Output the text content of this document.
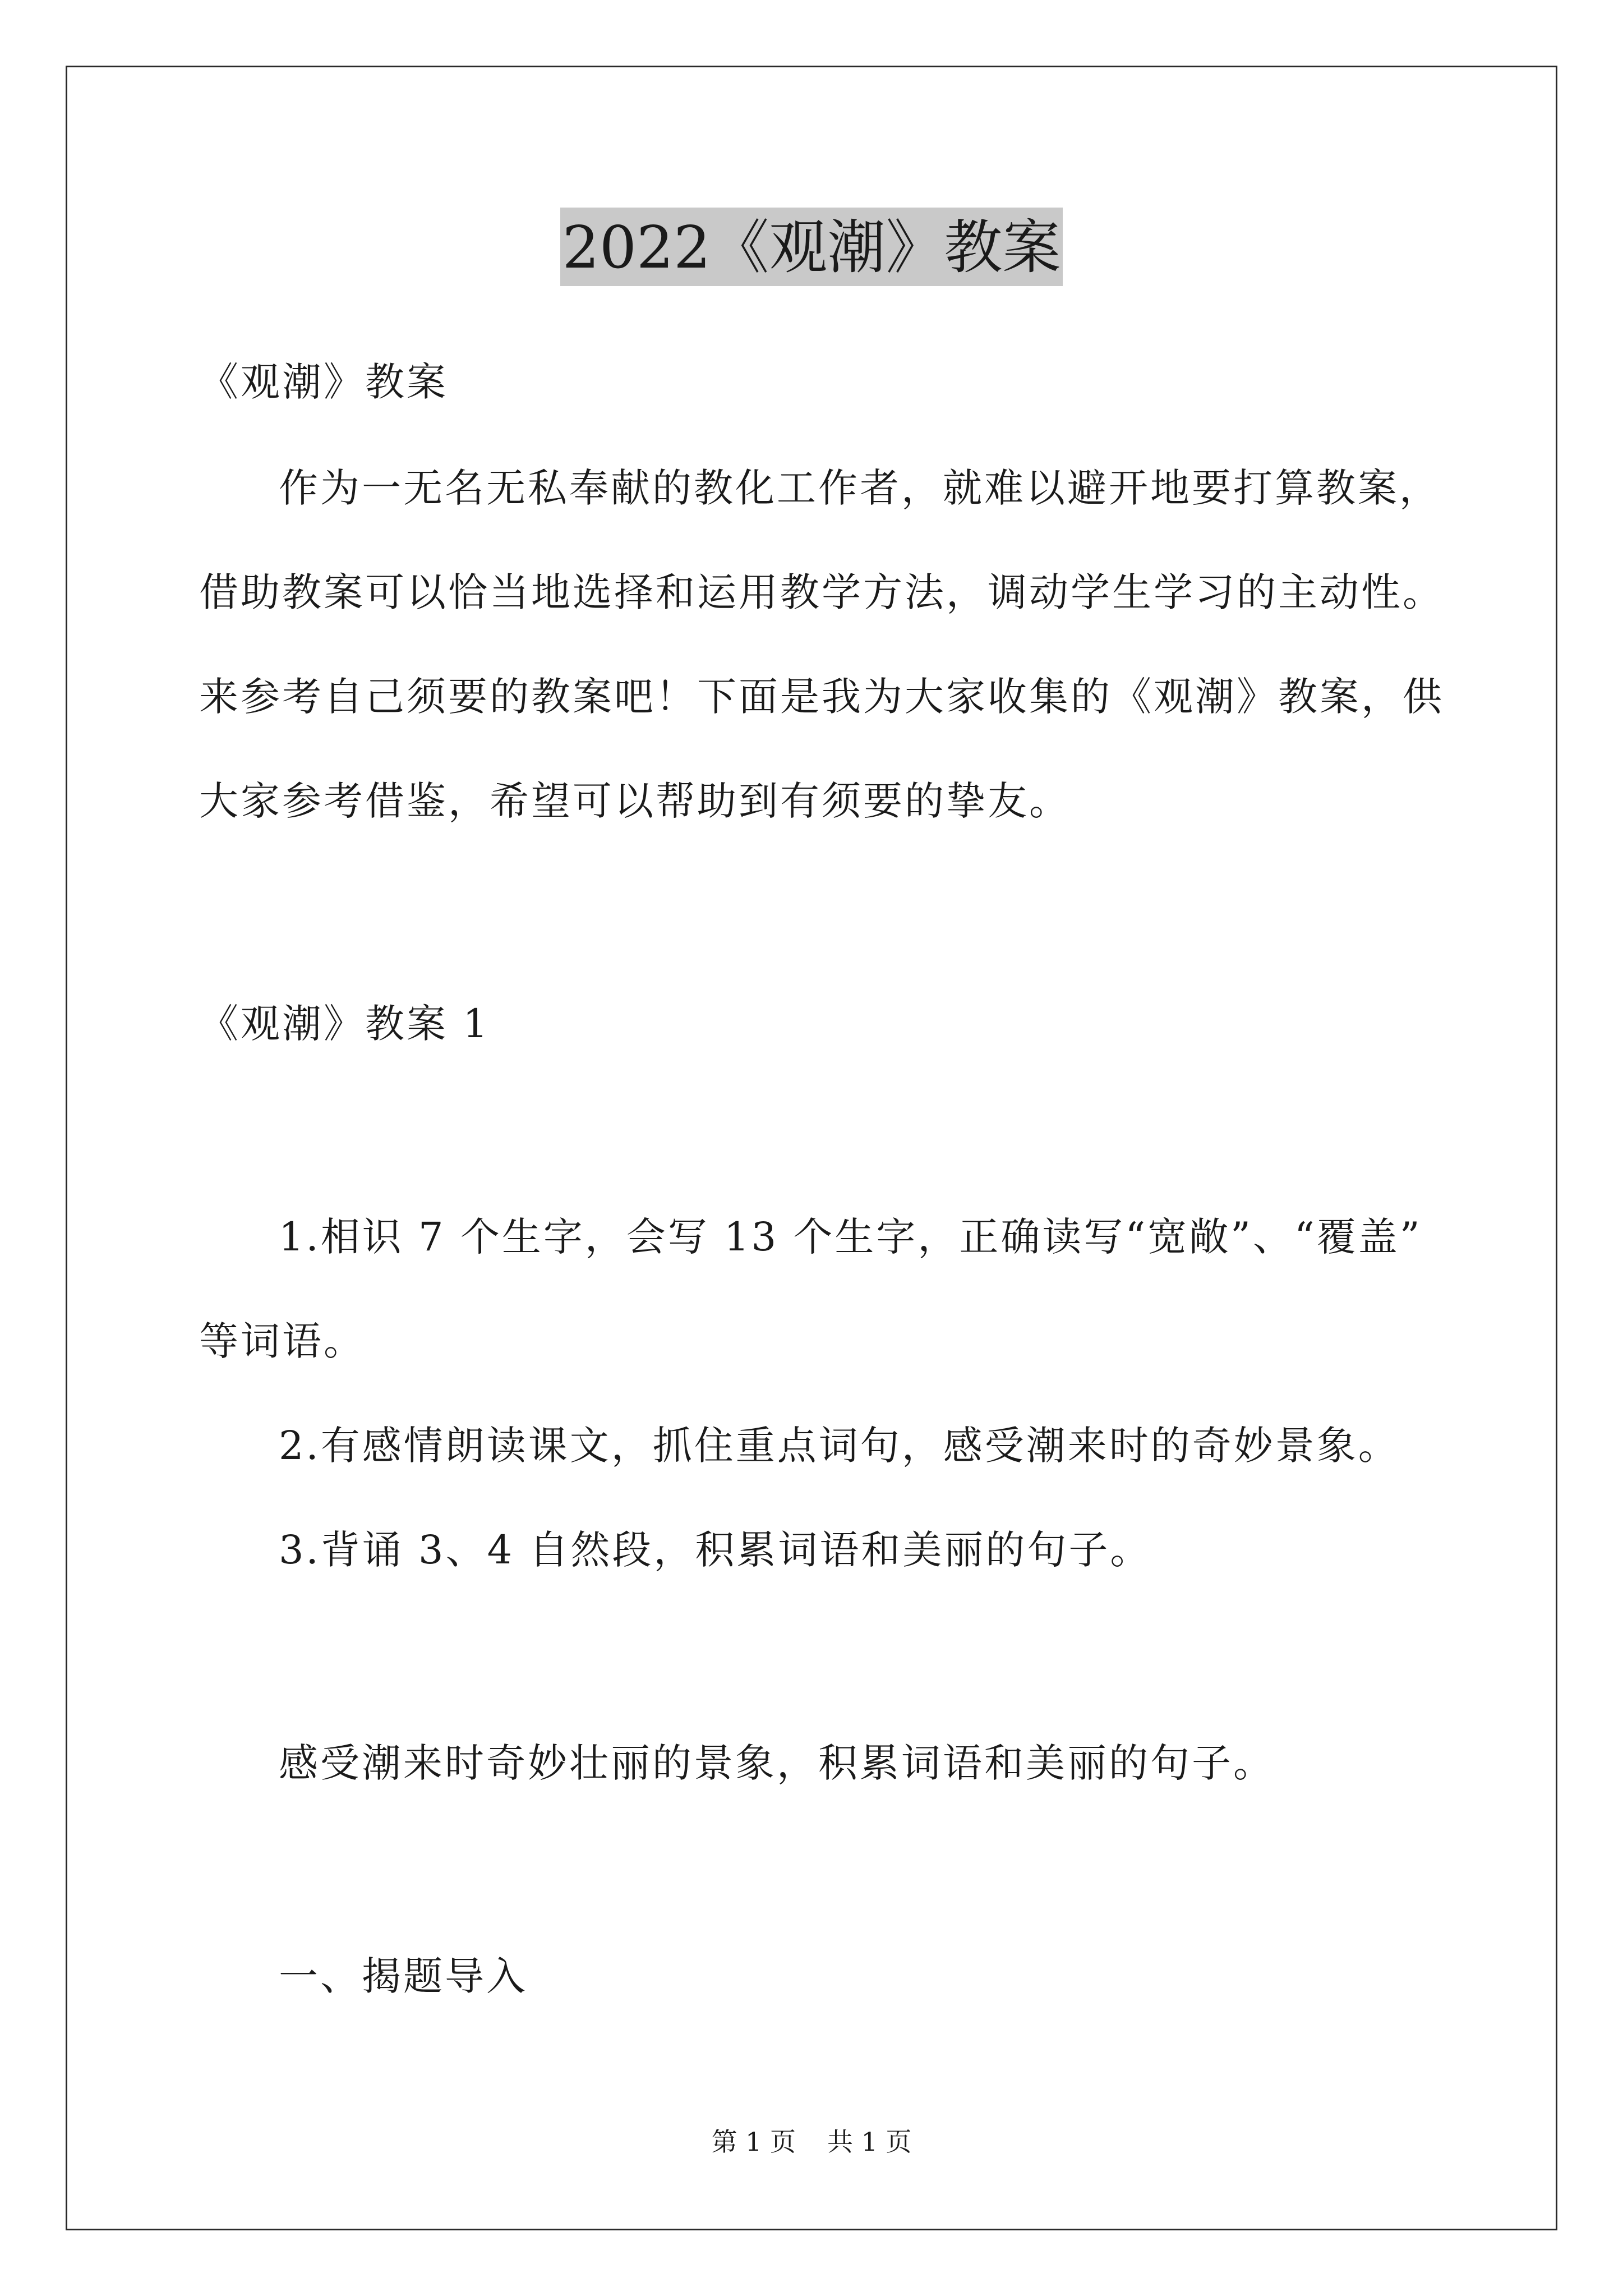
2022《观潮》教案
《观潮》教案
作为一无名无私奉献的教化工作者，就难以避开地要打算教案，
借助教案可以恰当地选择和运用教学方法，调动学生学习的主动性。
来参考自己须要的教案吧！下面是我为大家收集的《观潮》教案，供
大家参考借鉴，希望可以帮助到有须要的挚友。
《观潮》教案 1
1.相识 7 个生字，会写 13 个生字，正确读写“宽敞”、“覆盖”
等词语。
2.有感情朗读课文，抓住重点词句，感受潮来时的奇妙景象。
3.背诵 3、4 自然段，积累词语和美丽的句子。
感受潮来时奇妙壮丽的景象，积累词语和美丽的句子。
一、揭题导入
第 1 页 共 1 页
